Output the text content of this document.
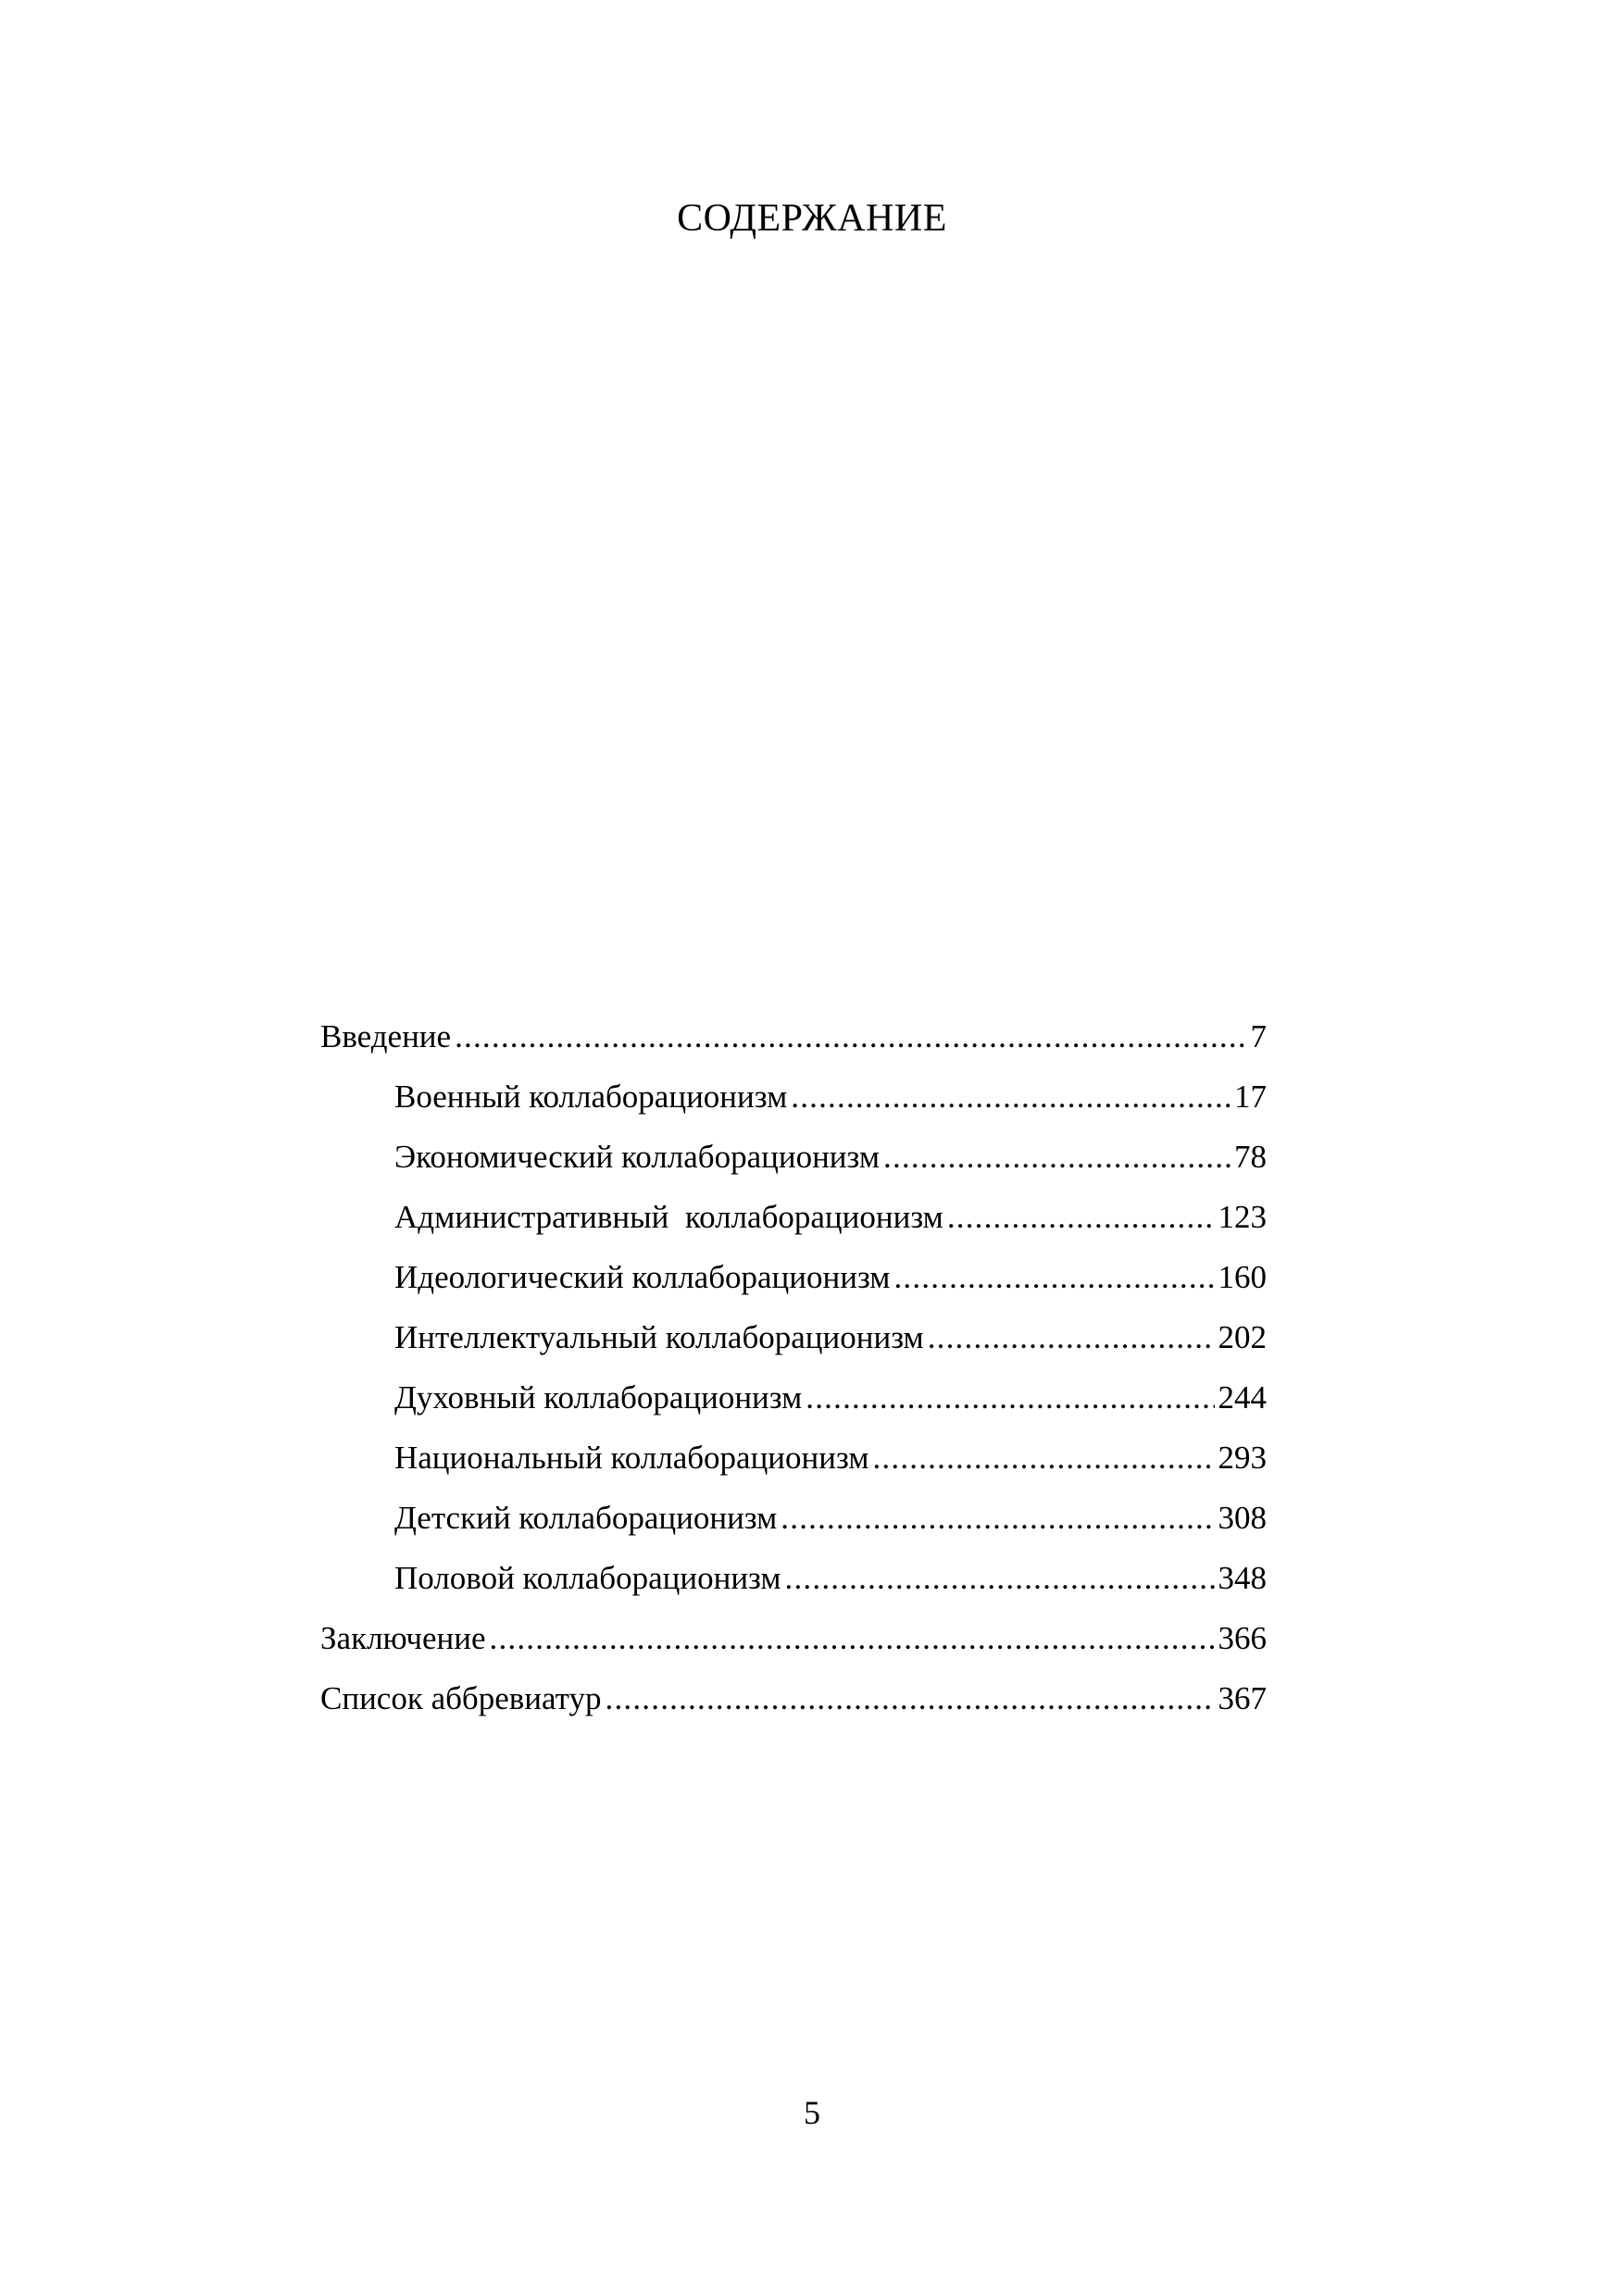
СОДЕРЖАНИЕ
Введение .....	7
Военный коллаборационизм .....	17
Экономический коллаборационизм .....	78
Административный  коллаборационизм .....	123
Идеологический коллаборационизм .....	160
Интеллектуальный коллаборационизм .....	202
Духовный коллаборационизм .....	244
Национальный коллаборационизм .....	293
Детский коллаборационизм .....	308
Половой коллаборационизм .....	348
Заключение .....	366
Список аббревиатур .....	367
5
